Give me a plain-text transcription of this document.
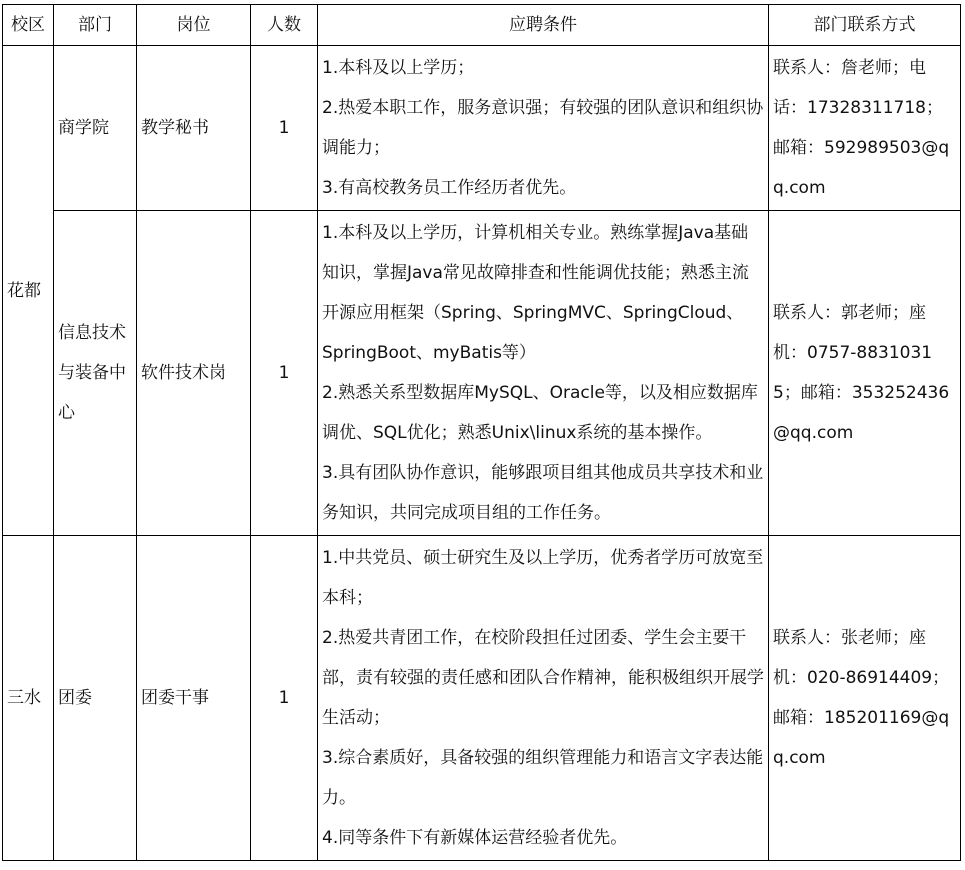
校区	部门	岗位	人数	应聘条件	部门联系方式
花都	商学院	教学秘书	1	1.本科及以上学历；
2.热爱本职工作，服务意识强；有较强的团队意识和组织协调能力；
3.有高校教务员工作经历者优先。	联系人：詹老师；电话：17328311718；邮箱：592989503@qq.com
	信息技术与装备中心	软件技术岗	1	1.本科及以上学历，计算机相关专业。熟练掌握Java基础知识，掌握Java常见故障排查和性能调优技能；熟悉主流开源应用框架（Spring、SpringMVC、SpringCloud、SpringBoot、myBatis等）
2.熟悉关系型数据库MySQL、Oracle等，以及相应数据库调优、SQL优化；熟悉Unix\linux系统的基本操作。
3.具有团队协作意识，能够跟项目组其他成员共享技术和业务知识，共同完成项目组的工作任务。	联系人：郭老师；座机：0757-88310315；邮箱：353252436@qq.com
三水	团委	团委干事	1	1.中共党员、硕士研究生及以上学历，优秀者学历可放宽至本科；
2.热爱共青团工作，在校阶段担任过团委、学生会主要干部，责有较强的责任感和团队合作精神，能积极组织开展学生活动；
3.综合素质好，具备较强的组织管理能力和语言文字表达能力。
4.同等条件下有新媒体运营经验者优先。	联系人：张老师；座机：020-86914409；邮箱：185201169@qq.com
